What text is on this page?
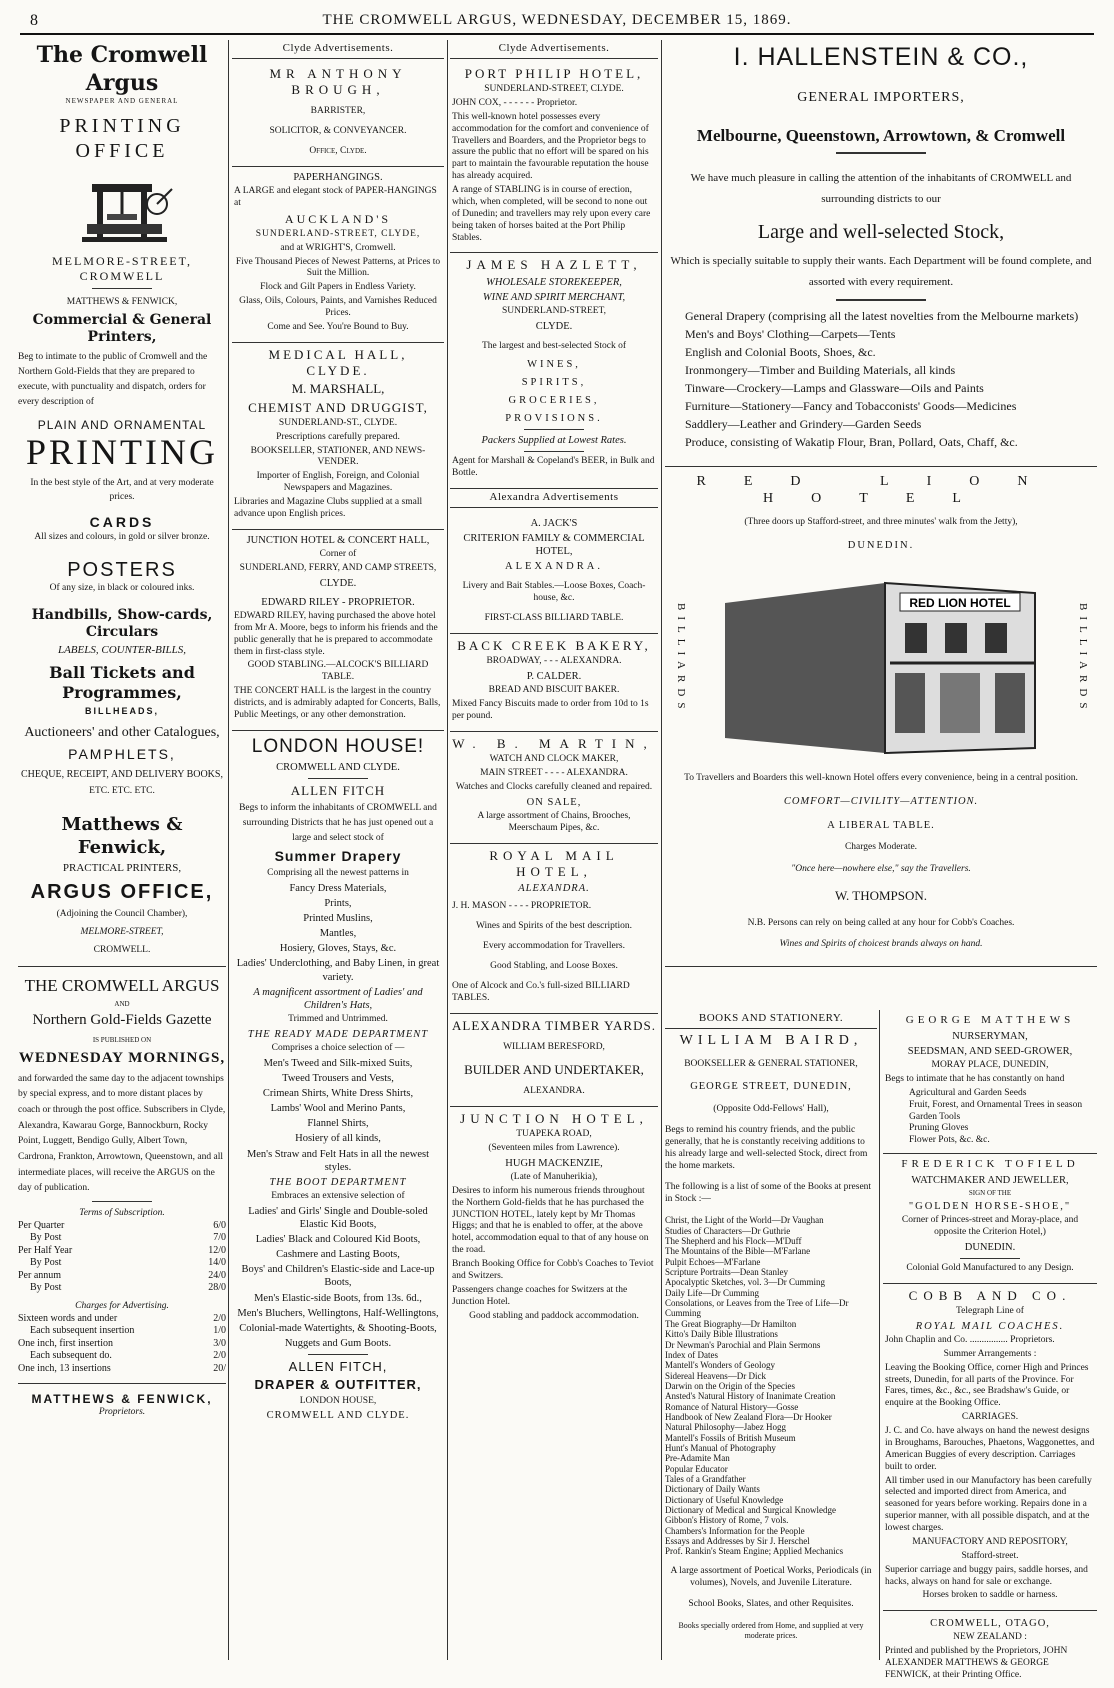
8	THE CROMWELL ARGUS, WEDNESDAY, DECEMBER 15, 1869.
The Cromwell Argus
NEWSPAPER AND GENERAL
PRINTING OFFICE
MELMORE-STREET, CROMWELL
MATTHEWS & FENWICK,
Commercial & General Printers,

Beg to intimate to the public of Cromwell and the Northern Gold-Fields that they are prepared to execute, with punctuality and dispatch, orders for every description of

PLAIN AND ORNAMENTAL
PRINTING

In the best style of the Art, and at very moderate prices.

CARDS
All sizes and colours, in gold or silver bronze.
POSTERS
Of any size, in black or coloured inks.
Handbills, Show-cards, Circulars
LABELS, COUNTER-BILLS,
Ball Tickets and Programmes,
BILLHEADS,
Auctioneers' and other Catalogues,
PAMPHLETS,
CHEQUE, RECEIPT, AND DELIVERY BOOKS,
ETC. ETC. ETC.
Matthews & Fenwick,
PRACTICAL PRINTERS,
ARGUS OFFICE,
(Adjoining the Council Chamber),
MELMORE-STREET,
CROMWELL.
THE CROMWELL ARGUS
AND
Northern Gold-Fields Gazette
IS PUBLISHED ON
WEDNESDAY MORNINGS,

and forwarded the same day to the adjacent townships by special express, and to more distant places by coach or through the post office. Subscribers in Clyde, Alexandra, Kawarau Gorge, Bannockburn, Rocky Point, Luggett, Bendigo Gully, Albert Town, Cardrona, Frankton, Arrowtown, Queenstown, and all intermediate places, will receive the ARGUS on the day of publication.

Terms of Subscription.
Per Quarter	6/0
By Post	7/0
Per Half Year	12/0
By Post	14/0
Per annum	24/0
By Post	28/0
Charges for Advertising.
Sixteen words and under	2/0
Each subsequent insertion	1/0
One inch, first insertion	3/0
Each subsequent do.	2/0
One inch, 13 insertions	20/
MATTHEWS & FENWICK,
Proprietors.
Clyde Advertisements.
MR ANTHONY BROUGH,

BARRISTER,

SOLICITOR, & CONVEYANCER.

Office, Clyde.

PAPERHANGINGS.

A LARGE and elegant stock of PAPER-HANGINGS at

AUCKLAND'S

SUNDERLAND-STREET, CLYDE,

and at WRIGHT'S, Cromwell.

Five Thousand Pieces of Newest Patterns, at Prices to Suit the Million.

Flock and Gilt Papers in Endless Variety.

Glass, Oils, Colours, Paints, and Varnishes Reduced Prices.

Come and See. You're Bound to Buy.

MEDICAL HALL, CLYDE.

M. MARSHALL,

CHEMIST AND DRUGGIST,

SUNDERLAND-ST., CLYDE.

Prescriptions carefully prepared.

BOOKSELLER, STATIONER, AND NEWS-VENDER.

Importer of English, Foreign, and Colonial Newspapers and Magazines.

Libraries and Magazine Clubs supplied at a small advance upon English prices.

JUNCTION HOTEL & CONCERT HALL,

Corner of

SUNDERLAND, FERRY, AND CAMP STREETS,

CLYDE.

EDWARD RILEY - PROPRIETOR.

EDWARD RILEY, having purchased the above hotel from Mr A. Moore, begs to inform his friends and the public generally that he is prepared to accommodate them in first-class style.

GOOD STABLING.—ALCOCK'S BILLIARD TABLE.

THE CONCERT HALL is the largest in the country districts, and is admirably adapted for Concerts, Balls, Public Meetings, or any other demonstration.

LONDON HOUSE!

CROMWELL AND CLYDE.

ALLEN FITCH

Begs to inform the inhabitants of CROMWELL and surrounding Districts that he has just opened out a large and select stock of

Summer Drapery

Comprising all the newest patterns in

Fancy Dress Materials,

Prints,

Printed Muslins,

Mantles,

Hosiery, Gloves, Stays, &c.

Ladies' Underclothing, and Baby Linen, in great variety.

A magnificent assortment of Ladies' and Children's Hats,

Trimmed and Untrimmed.

THE READY MADE DEPARTMENT

Comprises a choice selection of —

Men's Tweed and Silk-mixed Suits,

Tweed Trousers and Vests,

Crimean Shirts, White Dress Shirts,

Lambs' Wool and Merino Pants,

Flannel Shirts,

Hosiery of all kinds,

Men's Straw and Felt Hats in all the newest styles.

THE BOOT DEPARTMENT

Embraces an extensive selection of

Ladies' and Girls' Single and Double-soled Elastic Kid Boots,

Ladies' Black and Coloured Kid Boots,

Cashmere and Lasting Boots,

Boys' and Children's Elastic-side and Lace-up Boots,

Men's Elastic-side Boots, from 13s. 6d.,

Men's Bluchers, Wellingtons, Half-Wellingtons,

Colonial-made Watertights, & Shooting-Boots,

Nuggets and Gum Boots.

ALLEN FITCH,

DRAPER & OUTFITTER,

LONDON HOUSE,

CROMWELL AND CLYDE.

Clyde Advertisements.
PORT PHILIP HOTEL,

SUNDERLAND-STREET, CLYDE.

JOHN COX, - - - - - - Proprietor.

This well-known hotel possesses every accommodation for the comfort and convenience of Travellers and Boarders, and the Proprietor begs to assure the public that no effort will be spared on his part to maintain the favourable reputation the house has already acquired.

A range of STABLING is in course of erection, which, when completed, will be second to none out of Dunedin; and travellers may rely upon every care being taken of horses baited at the Port Philip Stables.

JAMES HAZLETT,

WHOLESALE STOREKEEPER,

WINE AND SPIRIT MERCHANT,

SUNDERLAND-STREET,

CLYDE.

The largest and best-selected Stock of

WINES,

SPIRITS,

GROCERIES,

PROVISIONS.

Packers Supplied at Lowest Rates.

Agent for Marshall & Copeland's BEER, in Bulk and Bottle.

Alexandra Advertisements

A. JACK'S

CRITERION FAMILY & COMMERCIAL HOTEL,

ALEXANDRA.

Livery and Bait Stables.—Loose Boxes, Coach-house, &c.

FIRST-CLASS BILLIARD TABLE.

BACK CREEK BAKERY,

BROADWAY, - - - ALEXANDRA.

P. CALDER.

BREAD AND BISCUIT BAKER.

Mixed Fancy Biscuits made to order from 10d to 1s per pound.

W. B. MARTIN,

WATCH AND CLOCK MAKER,

MAIN STREET - - - - ALEXANDRA.

Watches and Clocks carefully cleaned and repaired.

ON SALE,

A large assortment of Chains, Brooches, Meerschaum Pipes, &c.

ROYAL MAIL HOTEL,

ALEXANDRA.

J. H. MASON - - - - PROPRIETOR.

Wines and Spirits of the best description.

Every accommodation for Travellers.

Good Stabling, and Loose Boxes.

One of Alcock and Co.'s full-sized BILLIARD TABLES.

ALEXANDRA TIMBER YARDS.

WILLIAM BERESFORD,

BUILDER AND UNDERTAKER,

ALEXANDRA.

JUNCTION HOTEL,

TUAPEKA ROAD,

(Seventeen miles from Lawrence).

HUGH MACKENZIE,

(Late of Manuherikia),

Desires to inform his numerous friends throughout the Northern Gold-fields that he has purchased the JUNCTION HOTEL, lately kept by Mr Thomas Higgs; and that he is enabled to offer, at the above hotel, accommodation equal to that of any house on the road.

Branch Booking Office for Cobb's Coaches to Teviot and Switzers.

Passengers change coaches for Switzers at the Junction Hotel.

Good stabling and paddock accommodation.

I. HALLENSTEIN & CO.,
GENERAL IMPORTERS,
Melbourne, Queenstown, Arrowtown, & Cromwell

We have much pleasure in calling the attention of the inhabitants of CROMWELL and surrounding districts to our

Large and well-selected Stock,

Which is specially suitable to supply their wants. Each Department will be found complete, and assorted with every requirement.

General Drapery (comprising all the latest novelties from the Melbourne markets)
Men's and Boys' Clothing—Carpets—Tents
English and Colonial Boots, Shoes, &c.
Ironmongery—Timber and Building Materials, all kinds
Tinware—Crockery—Lamps and Glassware—Oils and Paints
Furniture—Stationery—Fancy and Tobacconists' Goods—Medicines
Saddlery—Leather and Grindery—Garden Seeds
Produce, consisting of Wakatip Flour, Bran, Pollard, Oats, Chaff, &c.
RED LION HOTEL

(Three doors up Stafford-street, and three minutes' walk from the Jetty),

DUNEDIN.

BILLIARDS	BILLIARDS
RED LION HOTEL

To Travellers and Boarders this well-known Hotel offers every convenience, being in a central position.

COMFORT—CIVILITY—ATTENTION.

A LIBERAL TABLE.

Charges Moderate.

"Once here—nowhere else," say the Travellers.

W. THOMPSON.

N.B. Persons can rely on being called at any hour for Cobb's Coaches.

Wines and Spirits of choicest brands always on hand.

BOOKS AND STATIONERY.
WILLIAM BAIRD,

BOOKSELLER & GENERAL STATIONER,

GEORGE STREET, DUNEDIN,

(Opposite Odd-Fellows' Hall),

Begs to remind his country friends, and the public generally, that he is constantly receiving additions to his already large and well-selected Stock, direct from the home markets.

The following is a list of some of the Books at present in Stock :—

Christ, the Light of the World—Dr Vaughan
Studies of Characters—Dr Guthrie
The Shepherd and his Flock—M'Duff
The Mountains of the Bible—M'Farlane
Pulpit Echoes—M'Farlane
Scripture Portraits—Dean Stanley
Apocalyptic Sketches, vol. 3—Dr Cumming
Daily Life—Dr Cumming
Consolations, or Leaves from the Tree of Life—Dr Cumming
The Great Biography—Dr Hamilton
Kitto's Daily Bible Illustrations
Dr Newman's Parochial and Plain Sermons
Index of Dates
Mantell's Wonders of Geology
Sidereal Heavens—Dr Dick
Darwin on the Origin of the Species
Ansted's Natural History of Inanimate Creation
Romance of Natural History—Gosse
Handbook of New Zealand Flora—Dr Hooker
Natural Philosophy—Jabez Hogg
Mantell's Fossils of British Museum
Hunt's Manual of Photography
Pre-Adamite Man
Popular Educator
Tales of a Grandfather
Dictionary of Daily Wants
Dictionary of Useful Knowledge
Dictionary of Medical and Surgical Knowledge
Gibbon's History of Rome, 7 vols.
Chambers's Information for the People
Essays and Addresses by Sir J. Herschel
Prof. Rankin's Steam Engine; Applied Mechanics

A large assortment of Poetical Works, Periodicals (in volumes), Novels, and Juvenile Literature.

School Books, Slates, and other Requisites.

Books specially ordered from Home, and supplied at very moderate prices.

GEORGE MATTHEWS

NURSERYMAN,

SEEDSMAN, AND SEED-GROWER,

MORAY PLACE, DUNEDIN,

Begs to intimate that he has constantly on hand

Agricultural and Garden Seeds
Fruit, Forest, and Ornamental Trees in season
Garden Tools
Pruning Gloves
Flower Pots, &c. &c.
FREDERICK TOFIELD

WATCHMAKER AND JEWELLER,

SIGN OF THE

"GOLDEN HORSE-SHOE,"

Corner of Princes-street and Moray-place, and opposite the Criterion Hotel,)

DUNEDIN.

Colonial Gold Manufactured to any Design.

COBB AND CO.

Telegraph Line of

ROYAL MAIL COACHES.

John Chaplin and Co. ................ Proprietors.

Summer Arrangements :

Leaving the Booking Office, corner High and Princes streets, Dunedin, for all parts of the Province. For Fares, times, &c., &c., see Bradshaw's Guide, or enquire at the Booking Office.

CARRIAGES.

J. C. and Co. have always on hand the newest designs in Broughams, Barouches, Phaetons, Waggonettes, and American Buggies of every description. Carriages built to order.

All timber used in our Manufactory has been carefully selected and imported direct from America, and seasoned for years before working. Repairs done in a superior manner, with all possible dispatch, and at the lowest charges.

MANUFACTORY AND REPOSITORY,

Stafford-street.

Superior carriage and buggy pairs, saddle horses, and hacks, always on hand for sale or exchange.

Horses broken to saddle or harness.

CROMWELL, OTAGO,

NEW ZEALAND :

Printed and published by the Proprietors, JOHN ALEXANDER MATTHEWS & GEORGE FENWICK, at their Printing Office.
